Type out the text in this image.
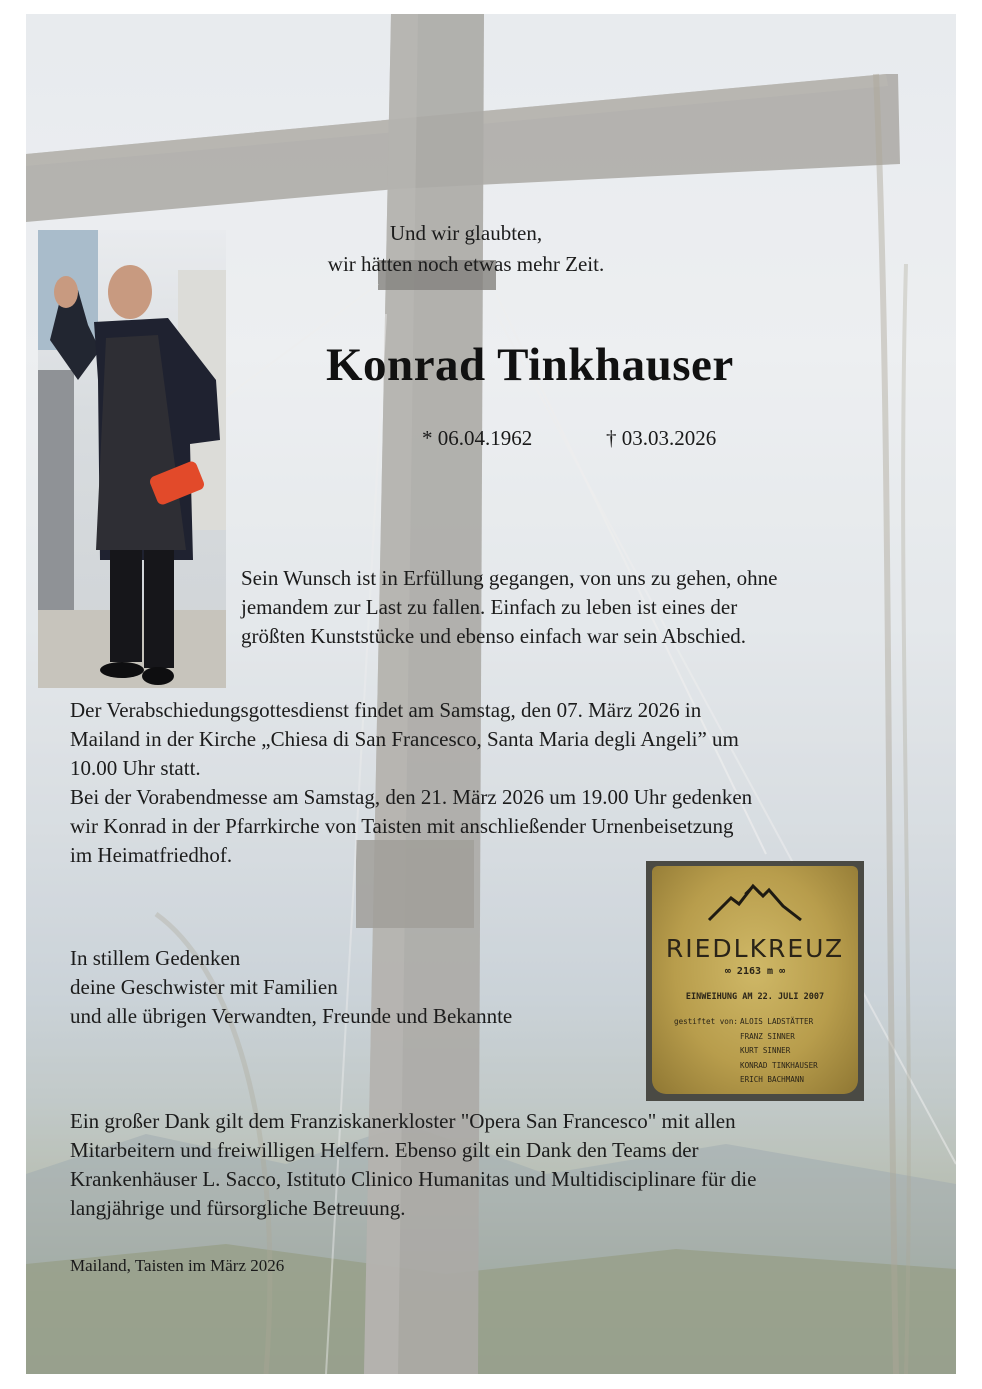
Und wir glaubten,
wir hätten noch etwas mehr Zeit.
Konrad Tinkhauser
* 06.04.1962	† 03.03.2026
Sein Wunsch ist in Erfüllung gegangen, von uns zu gehen, ohne
jemandem zur Last zu fallen. Einfach zu leben ist eines der
größten Kunststücke und ebenso einfach war sein Abschied.
Der Verabschiedungsgottesdienst findet am Samstag, den 07. März 2026 in
Mailand in der Kirche „Chiesa di San Francesco, Santa Maria degli Angeli” um
10.00 Uhr statt.
Bei der Vorabendmesse am Samstag, den 21. März 2026 um 19.00 Uhr gedenken
wir Konrad in der Pfarrkirche von Taisten mit anschließender Urnenbeisetzung
im Heimatfriedhof.
RIEDLKREUZ
∞ 2163 m ∞
EINWEIHUNG AM 22. JULI 2007
gestiftet von: ALOIS LADSTÄTTER
FRANZ SINNER
KURT SINNER
KONRAD TINKHAUSER
ERICH BACHMANN
In stillem Gedenken
deine Geschwister mit Familien
und alle übrigen Verwandten, Freunde und Bekannte
Ein großer Dank gilt dem Franziskanerkloster "Opera San Francesco" mit allen
Mitarbeitern und freiwilligen Helfern. Ebenso gilt ein Dank den Teams der
Krankenhäuser L. Sacco, Istituto Clinico Humanitas und Multidisciplinare für die
langjährige und fürsorgliche Betreuung.
Mailand, Taisten im März 2026
